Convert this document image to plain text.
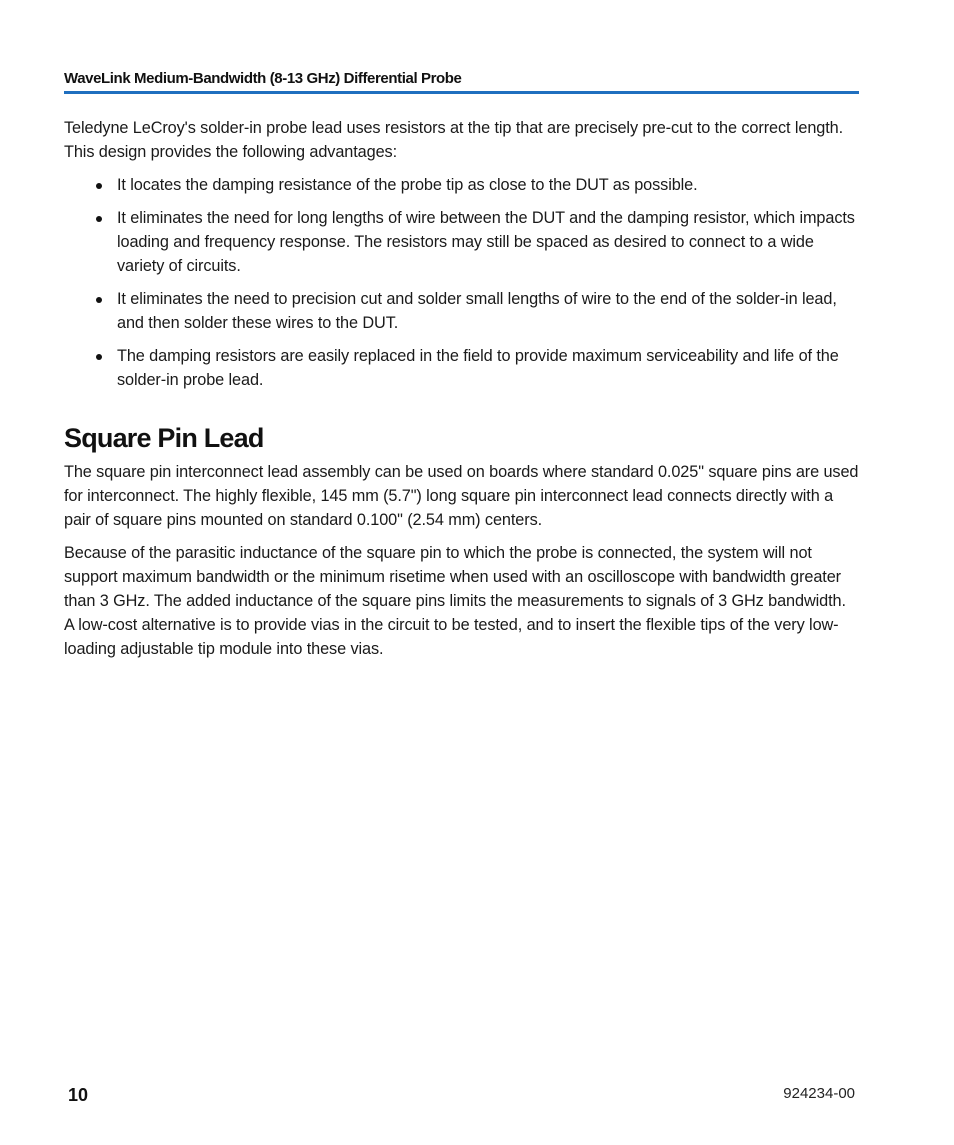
WaveLink Medium-Bandwidth (8-13 GHz) Differential Probe

Teledyne LeCroy's solder-in probe lead uses resistors at the tip that are precisely pre-cut to the correct length. This design provides the following advantages:

It locates the damping resistance of the probe tip as close to the DUT as possible.
It eliminates the need for long lengths of wire between the DUT and the damping resistor, which impacts loading and frequency response. The resistors may still be spaced as desired to connect to a wide variety of circuits.
It eliminates the need to precision cut and solder small lengths of wire to the end of the solder-in lead, and then solder these wires to the DUT.
The damping resistors are easily replaced in the field to provide maximum serviceability and life of the solder-in probe lead.
Square Pin Lead

The square pin interconnect lead assembly can be used on boards where standard 0.025" square pins are used for interconnect. The highly flexible, 145 mm (5.7") long square pin interconnect lead connects directly with a pair of square pins mounted on standard 0.100" (2.54 mm) centers.

Because of the parasitic inductance of the square pin to which the probe is connected, the system will not support maximum bandwidth or the minimum risetime when used with an oscilloscope with bandwidth greater than 3 GHz. The added inductance of the square pins limits the measurements to signals of 3 GHz bandwidth. A low-cost alternative is to provide vias in the circuit to be tested, and to insert the flexible tips of the very low-loading adjustable tip module into these vias.

10	924234-00
